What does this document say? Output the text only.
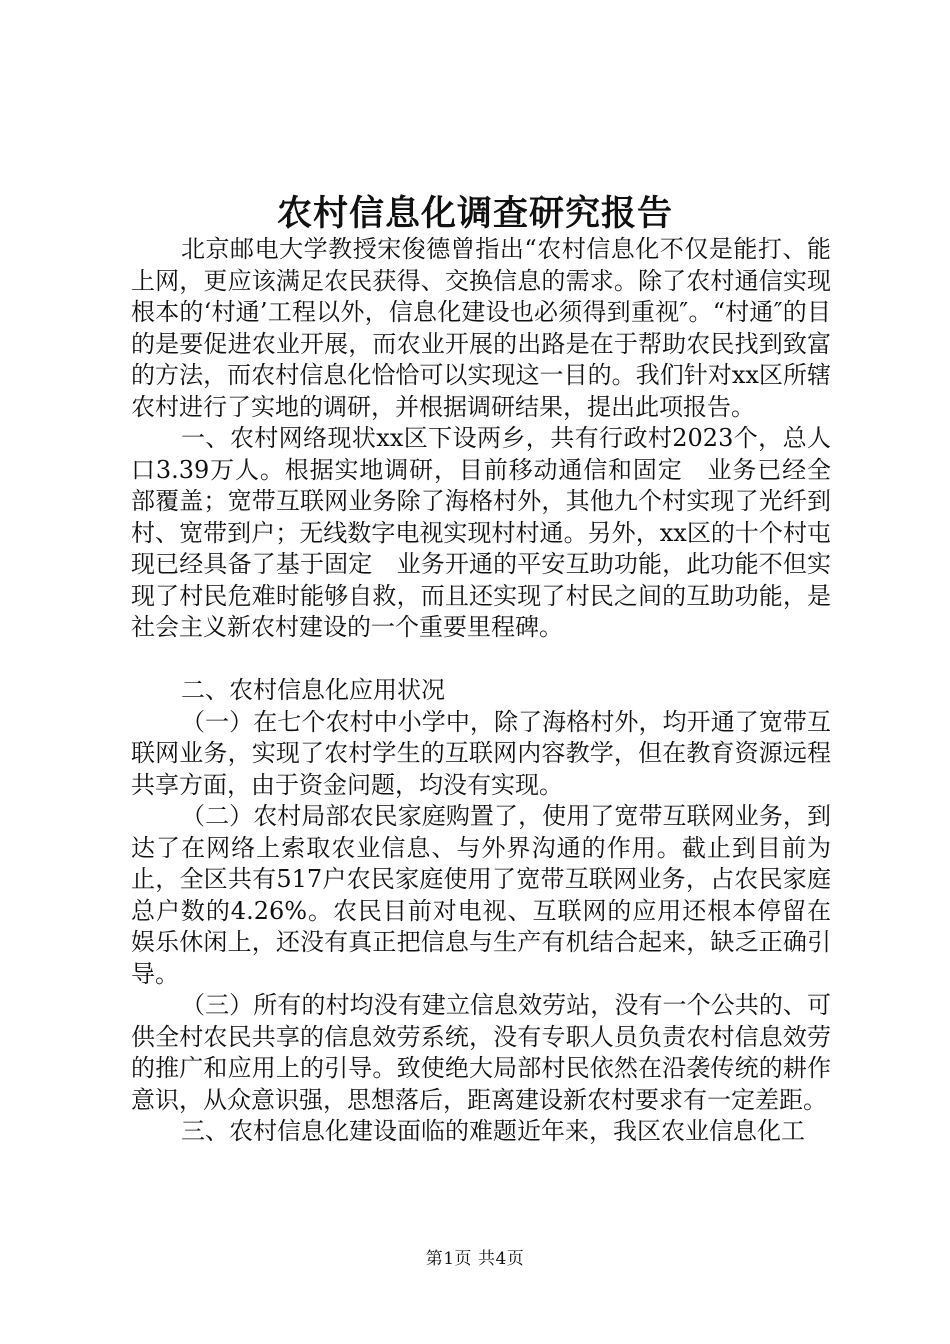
农村信息化调查研究报告

北京邮电大学教授宋俊德曾指出“农村信息化不仅是能打、能上网，更应该满足农民获得、交换信息的需求。除了农村通信实现根本的‘村通’工程以外，信息化建设也必须得到重视″。“村通″的目的是要促进农业开展，而农业开展的出路是在于帮助农民找到致富的方法，而农村信息化恰恰可以实现这一目的。我们针对xx区所辖农村进行了实地的调研，并根据调研结果，提出此项报告。

一、农村网络现状xx区下设两乡，共有行政村2023个，总人口3.39万人。根据实地调研，目前移动通信和固定　业务已经全部覆盖；宽带互联网业务除了海格村外，其他九个村实现了光纤到村、宽带到户；无线数字电视实现村村通。另外，xx区的十个村屯现已经具备了基于固定　业务开通的平安互助功能，此功能不但实现了村民危难时能够自救，而且还实现了村民之间的互助功能，是社会主义新农村建设的一个重要里程碑。

二、农村信息化应用状况

（一）在七个农村中小学中，除了海格村外，均开通了宽带互联网业务，实现了农村学生的互联网内容教学，但在教育资源远程共享方面，由于资金问题，均没有实现。

（二）农村局部农民家庭购置了，使用了宽带互联网业务，到达了在网络上索取农业信息、与外界沟通的作用。截止到目前为止，全区共有517户农民家庭使用了宽带互联网业务，占农民家庭总户数的4.26%。农民目前对电视、互联网的应用还根本停留在娱乐休闲上，还没有真正把信息与生产有机结合起来，缺乏正确引导。

（三）所有的村均没有建立信息效劳站，没有一个公共的、可供全村农民共享的信息效劳系统，没有专职人员负责农村信息效劳的推广和应用上的引导。致使绝大局部村民依然在沿袭传统的耕作意识，从众意识强，思想落后，距离建设新农村要求有一定差距。

三、农村信息化建设面临的难题近年来，我区农业信息化工

第1页 共4页
